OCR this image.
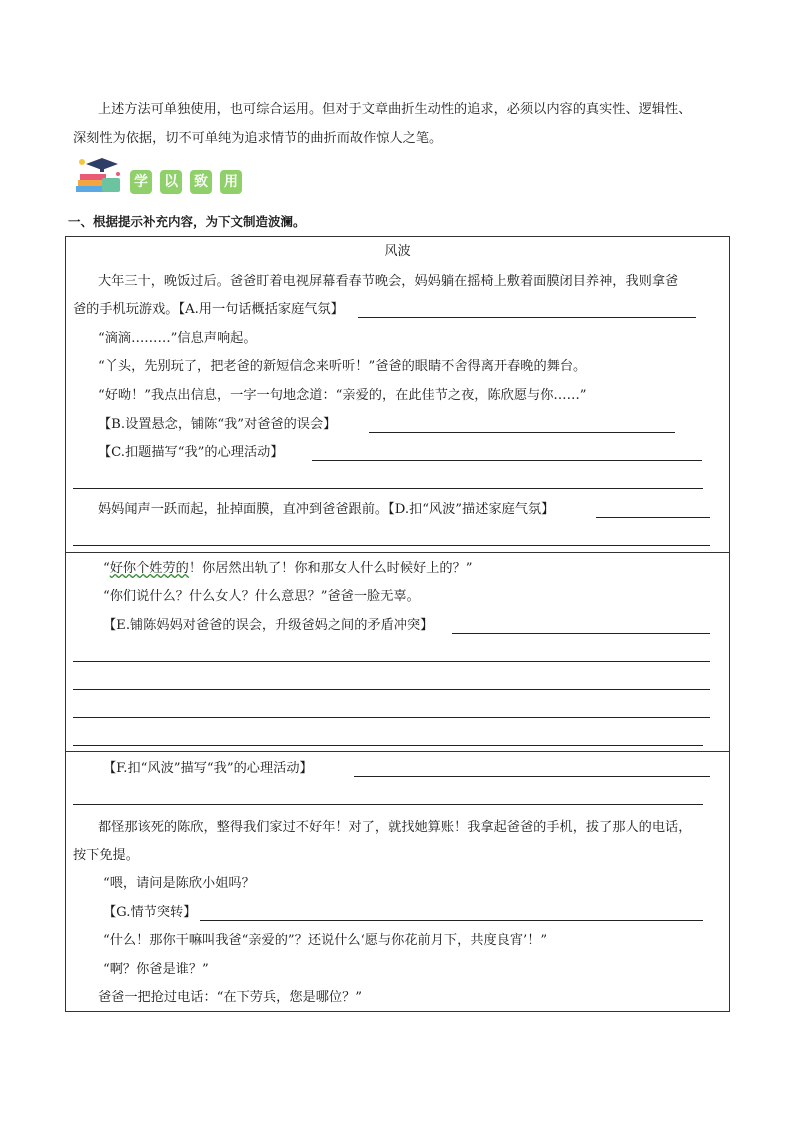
上述方法可单独使用，也可综合运用。但对于文章曲折生动性的追求，必须以内容的真实性、逻辑性、
深刻性为依据，切不可单纯为追求情节的曲折而故作惊人之笔。
学 以 致 用
一、根据提示补充内容，为下文制造波澜。
风波
大年三十，晚饭过后。爸爸盯着电视屏幕看春节晚会，妈妈躺在摇椅上敷着面膜闭目养神，我则拿爸
爸的手机玩游戏。【A.用一句话概括家庭气氛】
“滴滴………”信息声响起。
“丫头，先别玩了，把老爸的新短信念来听听！”爸爸的眼睛不舍得离开春晚的舞台。
“好呦！”我点出信息，一字一句地念道：“亲爱的，在此佳节之夜，陈欣愿与你……”
【B.设置悬念，铺陈“我”对爸爸的误会】
【C.扣题描写“我”的心理活动】
妈妈闻声一跃而起，扯掉面膜，直冲到爸爸跟前。【D.扣“风波”描述家庭气氛】
“好你个姓劳的！你居然出轨了！你和那女人什么时候好上的？”
“你们说什么？什么女人？什么意思？”爸爸一脸无辜。
【E.铺陈妈妈对爸爸的误会，升级爸妈之间的矛盾冲突】
【F.扣“风波”描写“我”的心理活动】
都怪那该死的陈欣，整得我们家过不好年！对了，就找她算账！我拿起爸爸的手机，拔了那人的电话，
按下免提。
“喂，请问是陈欣小姐吗？
【G.情节突转】
“什么！那你干嘛叫我爸“亲爱的”？还说什么‘愿与你花前月下，共度良宵’！”
“啊？你爸是谁？”
爸爸一把抢过电话：“在下劳兵，您是哪位？”
